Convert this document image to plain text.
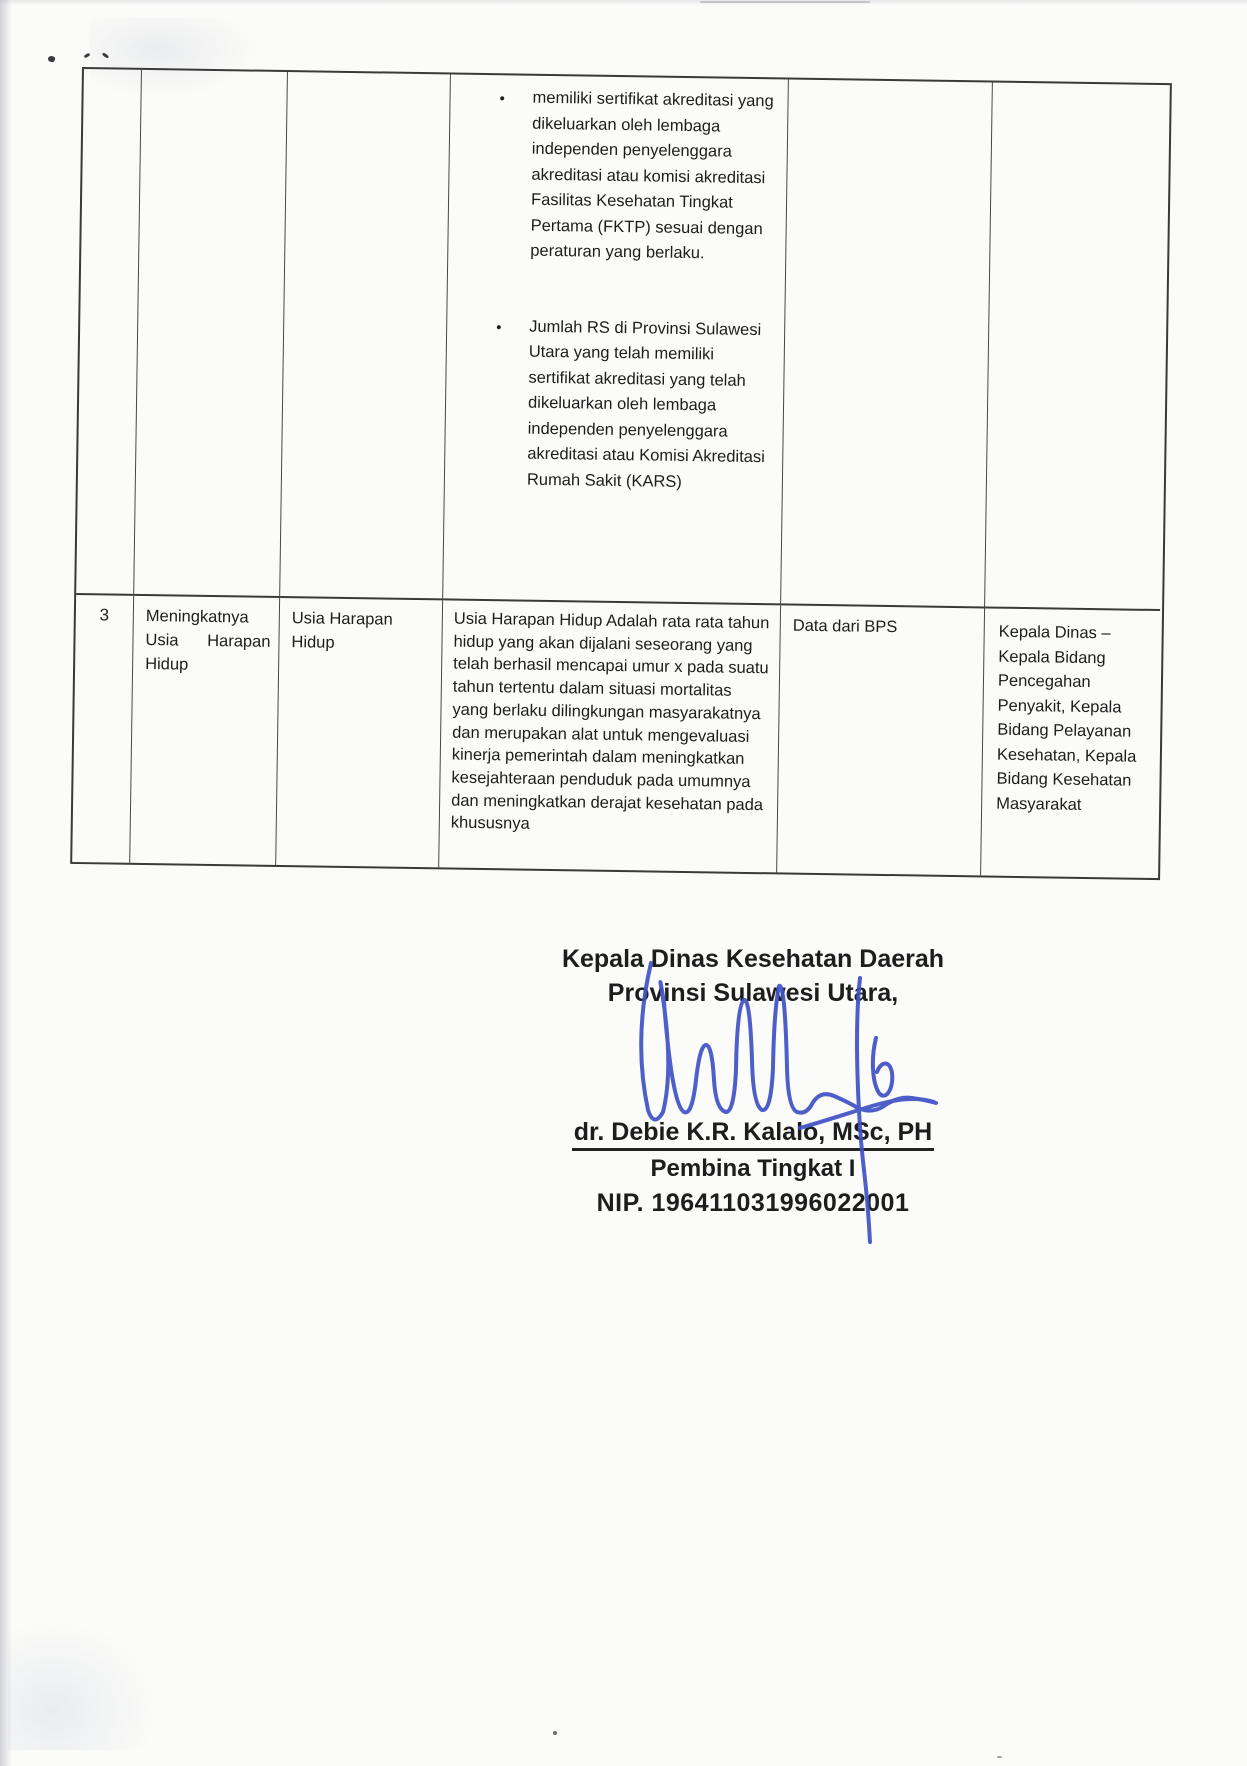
• memiliki sertifikat akreditasi yang dikeluarkan oleh lembaga independen penyelenggara akreditasi atau komisi akreditasi Fasilitas Kesehatan Tingkat Pertama (FKTP) sesuai dengan peraturan yang berlaku.
• Jumlah RS di Provinsi Sulawesi Utara yang telah memiliki sertifikat akreditasi yang telah dikeluarkan oleh lembaga independen penyelenggara akreditasi atau Komisi Akreditasi Rumah Sakit (KARS)
3	Meningkatnya Usia Harapan Hidup
Usia Harapan Hidup
Usia Harapan Hidup Adalah rata rata tahun hidup yang akan dijalani seseorang yang telah berhasil mencapai umur x pada suatu tahun tertentu dalam situasi mortalitas yang berlaku dilingkungan masyarakatnya dan merupakan alat untuk mengevaluasi kinerja pemerintah dalam meningkatkan kesejahteraan penduduk pada umumnya dan meningkatkan derajat kesehatan pada khususnya
Data dari BPS	Kepala Dinas – Kepala Bidang Pencegahan Penyakit, Kepala Bidang Pelayanan Kesehatan, Kepala Bidang Kesehatan Masyarakat
Kepala Dinas Kesehatan Daerah
Provinsi Sulawesi Utara,
dr. Debie K.R. Kalalo, MSc, PH
Pembina Tingkat I
NIP. 196411031996022001
